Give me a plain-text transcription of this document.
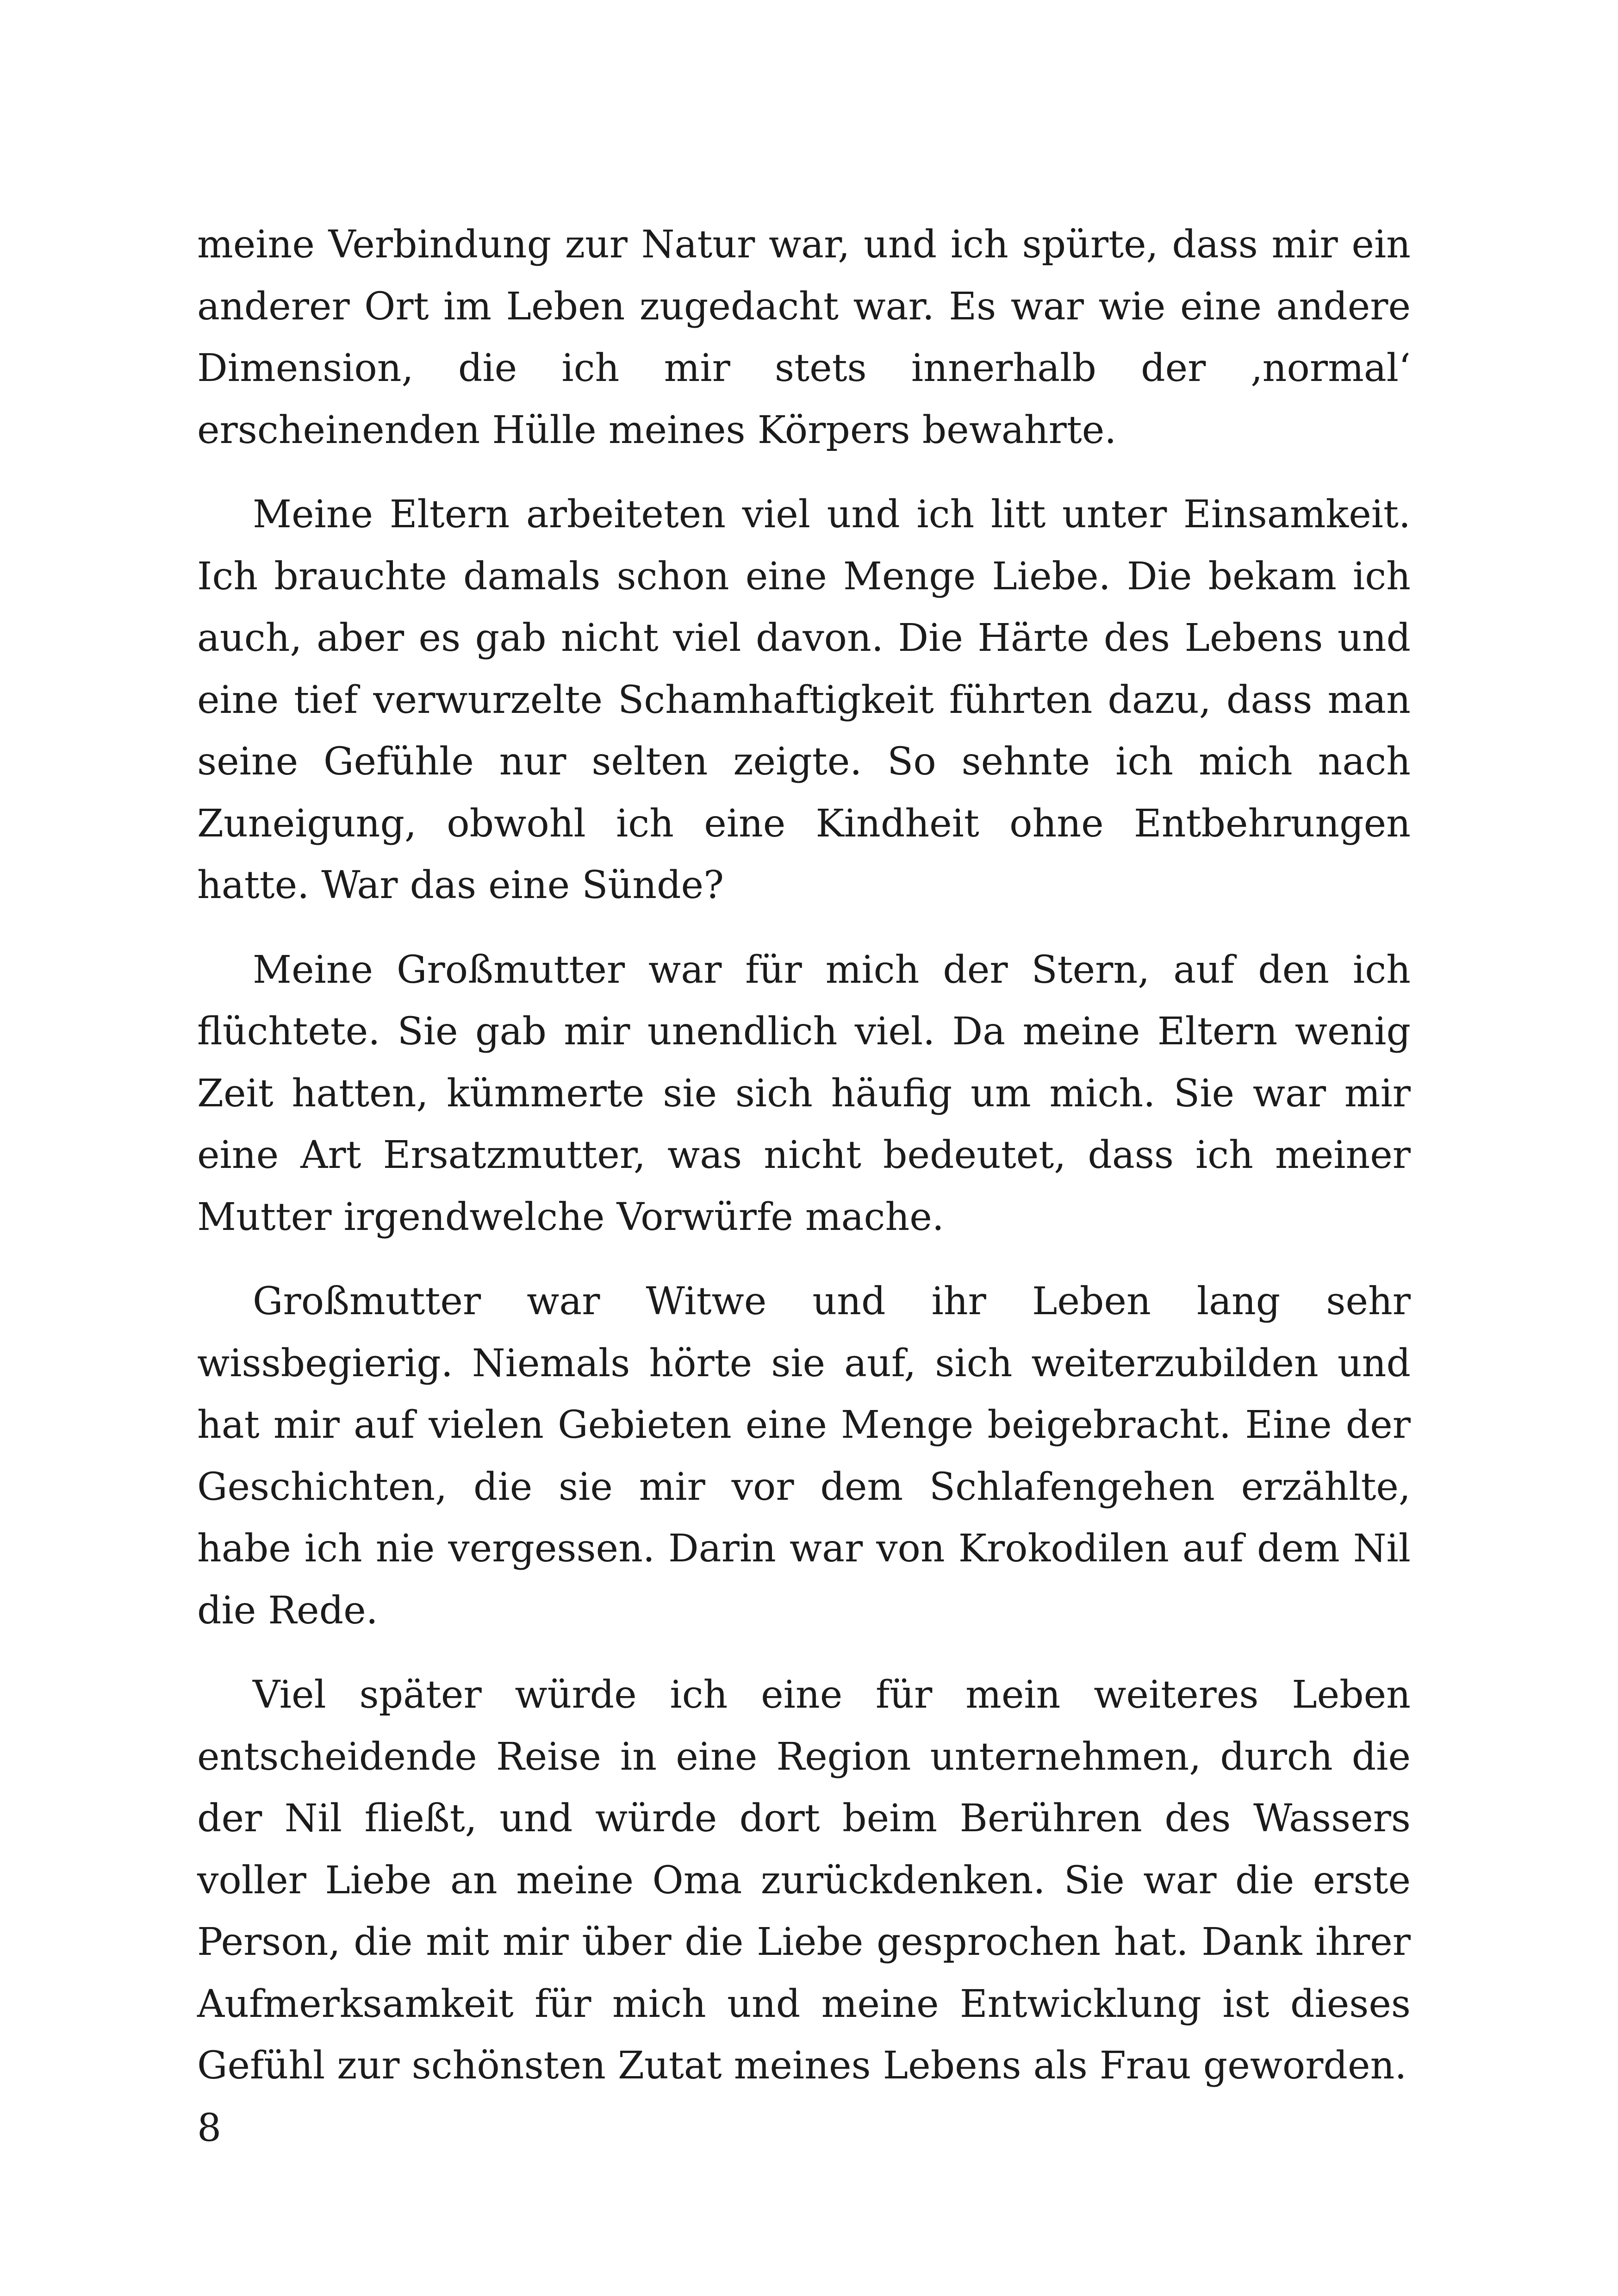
meine Verbindung zur Natur war, und ich spürte, dass mir ein anderer Ort im Leben zugedacht war. Es war wie eine andere Dimension, die ich mir stets innerhalb der ‚normal‘ erscheinenden Hülle meines Körpers bewahrte.

Meine Eltern arbeiteten viel und ich litt unter Einsamkeit. Ich brauchte damals schon eine Menge Liebe. Die bekam ich auch, aber es gab nicht viel davon. Die Härte des Lebens und eine tief verwurzelte Schamhaftigkeit führten dazu, dass man seine Gefühle nur selten zeigte. So sehnte ich mich nach Zuneigung, obwohl ich eine Kindheit ohne Entbehrungen hatte. War das eine Sünde?

Meine Großmutter war für mich der Stern, auf den ich flüchtete. Sie gab mir unendlich viel. Da meine Eltern wenig Zeit hatten, kümmerte sie sich häufig um mich. Sie war mir eine Art Ersatzmutter, was nicht bedeutet, dass ich meiner Mutter irgendwelche Vorwürfe mache.

Großmutter war Witwe und ihr Leben lang sehr wissbegierig. Niemals hörte sie auf, sich weiterzubilden und hat mir auf vielen Gebieten eine Menge beigebracht. Eine der Geschichten, die sie mir vor dem Schlafengehen erzählte, habe ich nie vergessen. Darin war von Krokodilen auf dem Nil die Rede.

Viel später würde ich eine für mein weiteres Leben entscheidende Reise in eine Region unternehmen, durch die der Nil fließt, und würde dort beim Berühren des Wassers voller Liebe an meine Oma zurückdenken. Sie war die erste Person, die mit mir über die Liebe gesprochen hat. Dank ihrer Aufmerksamkeit für mich und meine Entwicklung ist dieses Gefühl zur schönsten Zutat meines Lebens als Frau geworden.

8
